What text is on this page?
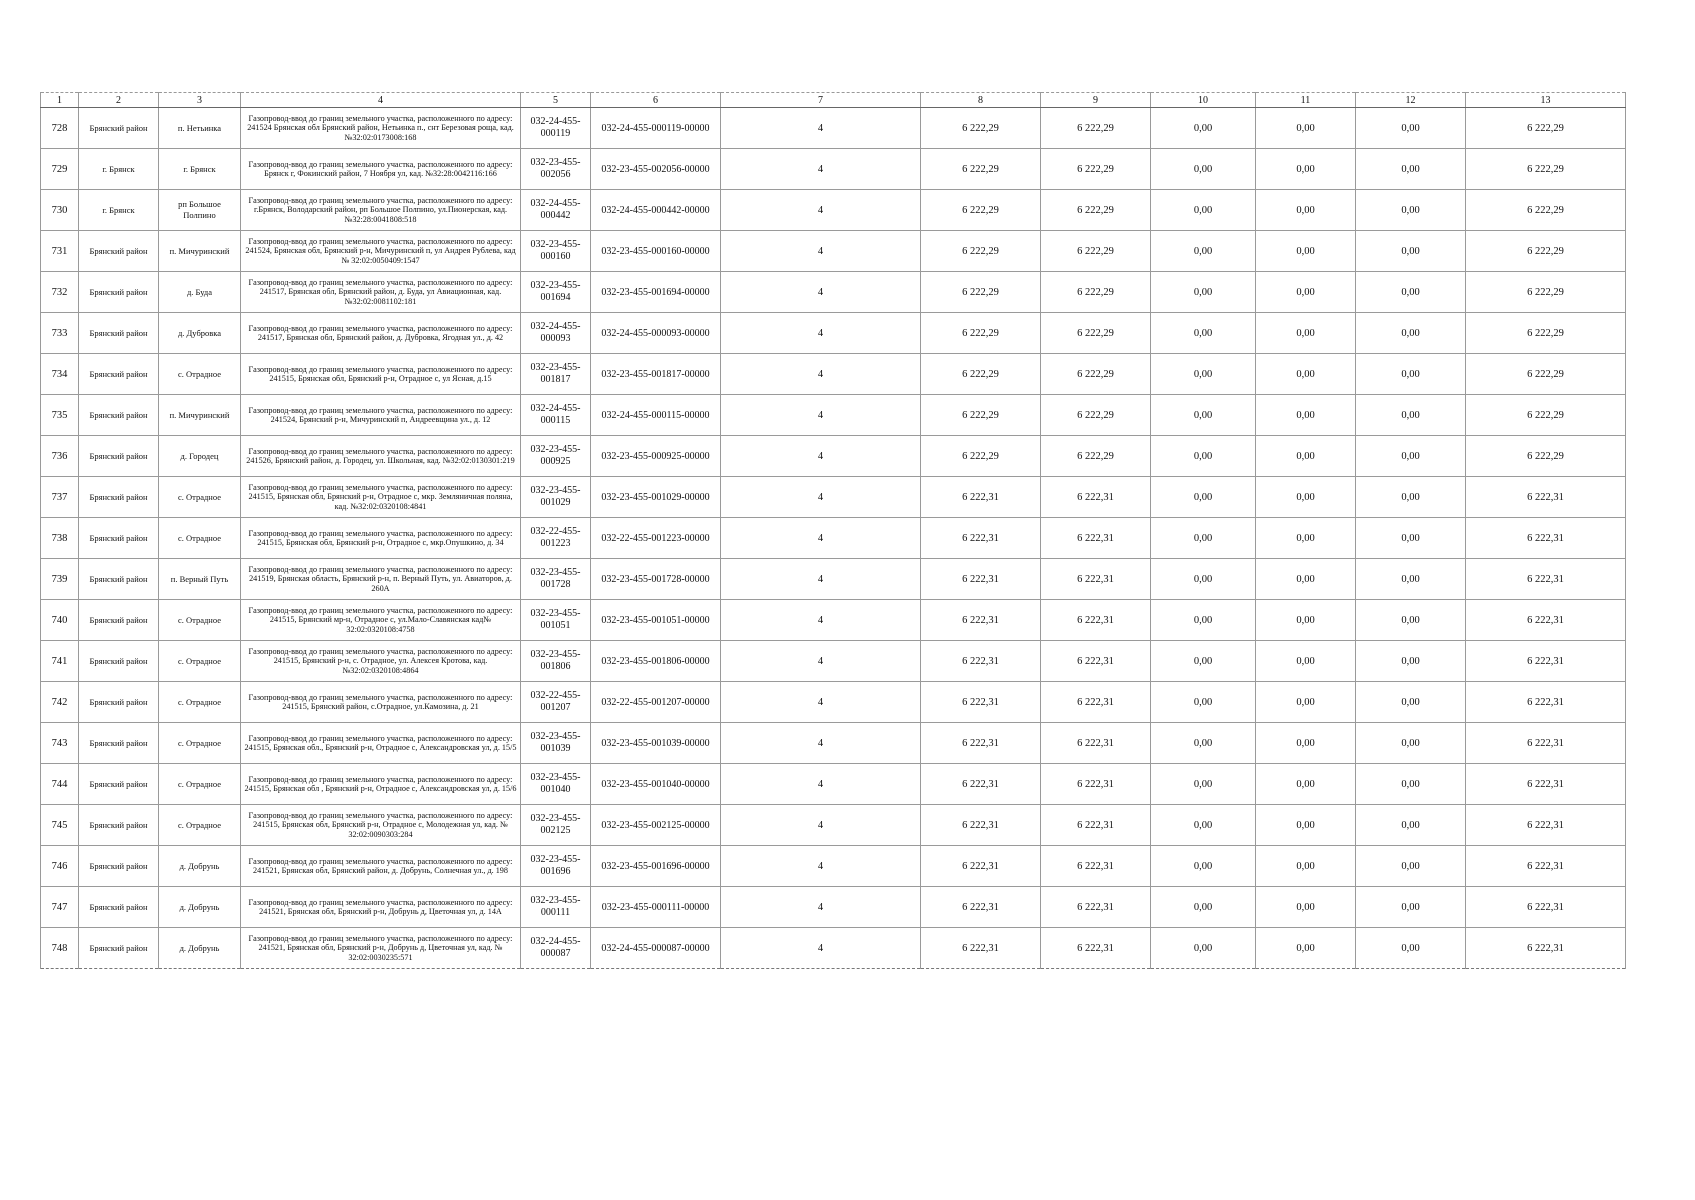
1	2	3	4	5	6	7	8	9	10	11	12	13
728	Брянский район	п. Нетьинка	Газопровод-ввод до границ земельного участка, расположенного по адресу: 241524 Брянская обл Брянский район, Нетьинка п., снт Березовая роща, кад. №32:02:0173008:168	032-24-455-000119	032-24-455-000119-00000	4	6 222,29	6 222,29	0,00	0,00	0,00	6 222,29
729	г. Брянск	г. Брянск	Газопровод-ввод до границ земельного участка, расположенного по адресу: Брянск г, Фокинский район, 7 Ноября ул, кад. №32:28:0042116:166	032-23-455-002056	032-23-455-002056-00000	4	6 222,29	6 222,29	0,00	0,00	0,00	6 222,29
730	г. Брянск	рп Большое Полпино	Газопровод-ввод до границ земельного участка, расположенного по адресу: г.Брянск, Володарский район, рп Большое Полпино, ул.Пионерская, кад. №32:28:0041808:518	032-24-455-000442	032-24-455-000442-00000	4	6 222,29	6 222,29	0,00	0,00	0,00	6 222,29
731	Брянский район	п. Мичуринский	Газопровод-ввод до границ земельного участка, расположенного по адресу: 241524, Брянская обл, Брянский р-н, Мичуринский п, ул Андрея Рублева, кад № 32:02:0050409:1547	032-23-455-000160	032-23-455-000160-00000	4	6 222,29	6 222,29	0,00	0,00	0,00	6 222,29
732	Брянский район	д. Буда	Газопровод-ввод до границ земельного участка, расположенного по адресу: 241517, Брянская обл, Брянский район, д. Буда, ул Авиационная, кад. №32:02:0081102:181	032-23-455-001694	032-23-455-001694-00000	4	6 222,29	6 222,29	0,00	0,00	0,00	6 222,29
733	Брянский район	д. Дубровка	Газопровод-ввод до границ земельного участка, расположенного по адресу: 241517, Брянская обл, Брянский район, д. Дубровка, Ягодная ул., д. 42	032-24-455-000093	032-24-455-000093-00000	4	6 222,29	6 222,29	0,00	0,00	0,00	6 222,29
734	Брянский район	с. Отрадное	Газопровод-ввод до границ земельного участка, расположенного по адресу: 241515, Брянская обл, Брянский р-н, Отрадное с, ул Ясная, д.15	032-23-455-001817	032-23-455-001817-00000	4	6 222,29	6 222,29	0,00	0,00	0,00	6 222,29
735	Брянский район	п. Мичуринский	Газопровод-ввод до границ земельного участка, расположенного по адресу: 241524, Брянский р-н, Мичуринский п, Андреевщина ул., д. 12	032-24-455-000115	032-24-455-000115-00000	4	6 222,29	6 222,29	0,00	0,00	0,00	6 222,29
736	Брянский район	д. Городец	Газопровод-ввод до границ земельного участка, расположенного по адресу: 241526, Брянский район, д. Городец, ул. Школьная, кад. №32:02:0130301:219	032-23-455-000925	032-23-455-000925-00000	4	6 222,29	6 222,29	0,00	0,00	0,00	6 222,29
737	Брянский район	с. Отрадное	Газопровод-ввод до границ земельного участка, расположенного по адресу: 241515, Брянская обл, Брянский р-н, Отрадное с, мкр. Земляничная поляна, кад. №32:02:0320108:4841	032-23-455-001029	032-23-455-001029-00000	4	6 222,31	6 222,31	0,00	0,00	0,00	6 222,31
738	Брянский район	с. Отрадное	Газопровод-ввод до границ земельного участка, расположенного по адресу: 241515, Брянская обл, Брянский р-н, Отрадное с, мкр.Опушкино, д. 34	032-22-455-001223	032-22-455-001223-00000	4	6 222,31	6 222,31	0,00	0,00	0,00	6 222,31
739	Брянский район	п. Верный Путь	Газопровод-ввод до границ земельного участка, расположенного по адресу: 241519, Брянская область, Брянский р-н, п. Верный Путь, ул. Авиаторов, д. 260А	032-23-455-001728	032-23-455-001728-00000	4	6 222,31	6 222,31	0,00	0,00	0,00	6 222,31
740	Брянский район	с. Отрадное	Газопровод-ввод до границ земельного участка, расположенного по адресу: 241515, Брянский мр-н, Отрадное с, ул.Мало-Славянская кад№ 32:02:0320108:4758	032-23-455-001051	032-23-455-001051-00000	4	6 222,31	6 222,31	0,00	0,00	0,00	6 222,31
741	Брянский район	с. Отрадное	Газопровод-ввод до границ земельного участка, расположенного по адресу: 241515, Брянский р-н, с. Отрадное, ул. Алексея Кротова, кад. №32:02:0320108:4864	032-23-455-001806	032-23-455-001806-00000	4	6 222,31	6 222,31	0,00	0,00	0,00	6 222,31
742	Брянский район	с. Отрадное	Газопровод-ввод до границ земельного участка, расположенного по адресу: 241515, Брянский район, с.Отрадное, ул.Камозина, д. 21	032-22-455-001207	032-22-455-001207-00000	4	6 222,31	6 222,31	0,00	0,00	0,00	6 222,31
743	Брянский район	с. Отрадное	Газопровод-ввод до границ земельного участка, расположенного по адресу: 241515, Брянская обл., Брянский р-н, Отрадное с, Александровская ул, д. 15/5	032-23-455-001039	032-23-455-001039-00000	4	6 222,31	6 222,31	0,00	0,00	0,00	6 222,31
744	Брянский район	с. Отрадное	Газопровод-ввод до границ земельного участка, расположенного по адресу: 241515, Брянская обл , Брянский р-н, Отрадное с, Александровская ул, д. 15/6	032-23-455-001040	032-23-455-001040-00000	4	6 222,31	6 222,31	0,00	0,00	0,00	6 222,31
745	Брянский район	с. Отрадное	Газопровод-ввод до границ земельного участка, расположенного по адресу: 241515, Брянская обл, Брянский р-н, Отрадное с, Молодежная ул, кад. № 32:02:0090303:284	032-23-455-002125	032-23-455-002125-00000	4	6 222,31	6 222,31	0,00	0,00	0,00	6 222,31
746	Брянский район	д. Добрунь	Газопровод-ввод до границ земельного участка, расположенного по адресу: 241521, Брянская обл, Брянский район, д. Добрунь, Солнечная ул., д. 198	032-23-455-001696	032-23-455-001696-00000	4	6 222,31	6 222,31	0,00	0,00	0,00	6 222,31
747	Брянский район	д. Добрунь	Газопровод-ввод до границ земельного участка, расположенного по адресу: 241521, Брянская обл, Брянский р-н, Добрунь д, Цветочная ул, д. 14А	032-23-455-000111	032-23-455-000111-00000	4	6 222,31	6 222,31	0,00	0,00	0,00	6 222,31
748	Брянский район	д. Добрунь	Газопровод-ввод до границ земельного участка, расположенного по адресу: 241521, Брянская обл, Брянский р-н, Добрунь д, Цветочная ул, кад. № 32:02:0030235:571	032-24-455-000087	032-24-455-000087-00000	4	6 222,31	6 222,31	0,00	0,00	0,00	6 222,31
